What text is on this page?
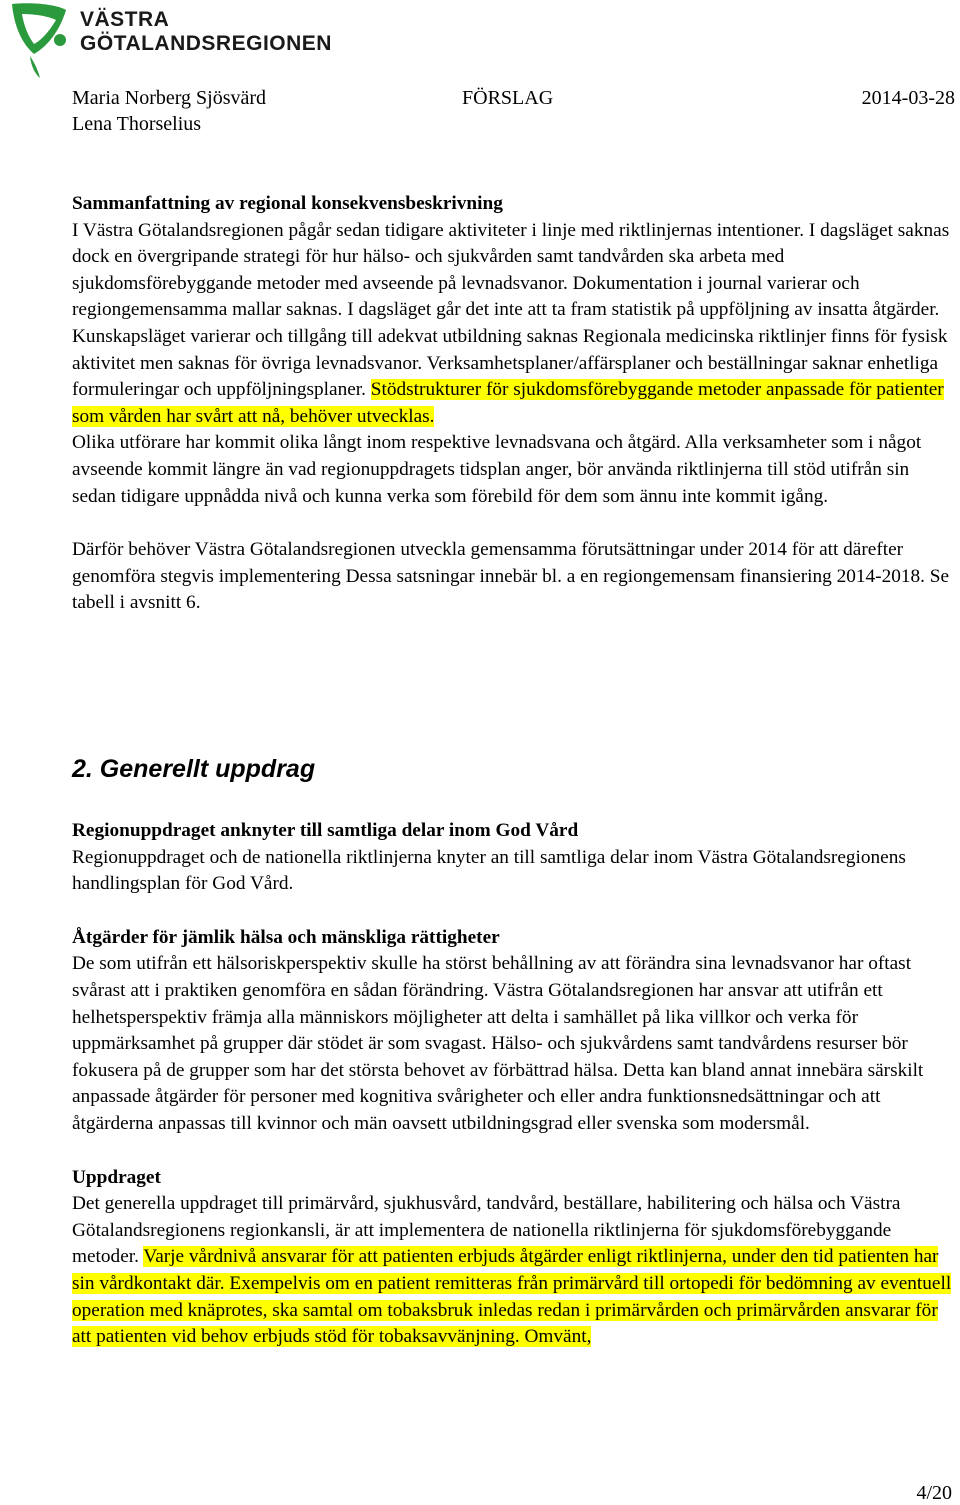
VÄSTRA
GÖTALANDSREGIONEN
Maria Norberg Sjösvärd
Lena Thorselius
FÖRSLAG	2014-03-28

Sammanfattning av regional konsekvensbeskrivning

I Västra Götalandsregionen pågår sedan tidigare aktiviteter i linje med riktlinjernas intentioner. I dagsläget saknas dock en övergripande strategi för hur hälso- och sjukvården samt tandvården ska arbeta med sjukdomsförebyggande metoder med avseende på levnadsvanor. Dokumentation i journal varierar och regiongemensamma mallar saknas. I dagsläget går det inte att ta fram statistik på uppföljning av insatta åtgärder. Kunskapsläget varierar och tillgång till adekvat utbildning saknas Regionala medicinska riktlinjer finns för fysisk aktivitet men saknas för övriga levnadsvanor. Verksamhetsplaner/affärsplaner och beställningar saknar enhetliga formuleringar och uppföljningsplaner. Stödstrukturer för sjukdomsförebyggande metoder anpassade för patienter som vården har svårt att nå, behöver utvecklas.

Olika utförare har kommit olika långt inom respektive levnadsvana och åtgärd. Alla verksamheter som i något avseende kommit längre än vad regionuppdragets tidsplan anger, bör använda riktlinjerna till stöd utifrån sin sedan tidigare uppnådda nivå och kunna verka som förebild för dem som ännu inte kommit igång.

Därför behöver Västra Götalandsregionen utveckla gemensamma förutsättningar under 2014 för att därefter genomföra stegvis implementering Dessa satsningar innebär bl. a en regiongemensam finansiering 2014-2018. Se tabell i avsnitt 6.

2. Generellt uppdrag

Regionuppdraget anknyter till samtliga delar inom God Vård

Regionuppdraget och de nationella riktlinjerna knyter an till samtliga delar inom Västra Götalandsregionens handlingsplan för God Vård.

Åtgärder för jämlik hälsa och mänskliga rättigheter

De som utifrån ett hälsoriskperspektiv skulle ha störst behållning av att förändra sina levnadsvanor har oftast svårast att i praktiken genomföra en sådan förändring. Västra Götalandsregionen har ansvar att utifrån ett helhetsperspektiv främja alla människors möjligheter att delta i samhället på lika villkor och verka för uppmärksamhet på grupper där stödet är som svagast. Hälso- och sjukvårdens samt tandvårdens resurser bör fokusera på de grupper som har det största behovet av förbättrad hälsa. Detta kan bland annat innebära särskilt anpassade åtgärder för personer med kognitiva svårigheter och eller andra funktionsnedsättningar och att åtgärderna anpassas till kvinnor och män oavsett utbildningsgrad eller svenska som modersmål.

Uppdraget

Det generella uppdraget till primärvård, sjukhusvård, tandvård, beställare, habilitering och hälsa och Västra Götalandsregionens regionkansli, är att implementera de nationella riktlinjerna för sjukdomsförebyggande metoder. Varje vårdnivå ansvarar för att patienten erbjuds åtgärder enligt riktlinjerna, under den tid patienten har sin vårdkontakt där. Exempelvis om en patient remitteras från primärvård till ortopedi för bedömning av eventuell operation med knäprotes, ska samtal om tobaksbruk inledas redan i primärvården och primärvården ansvarar för att patienten vid behov erbjuds stöd för tobaksavvänjning. Omvänt,

4/20
